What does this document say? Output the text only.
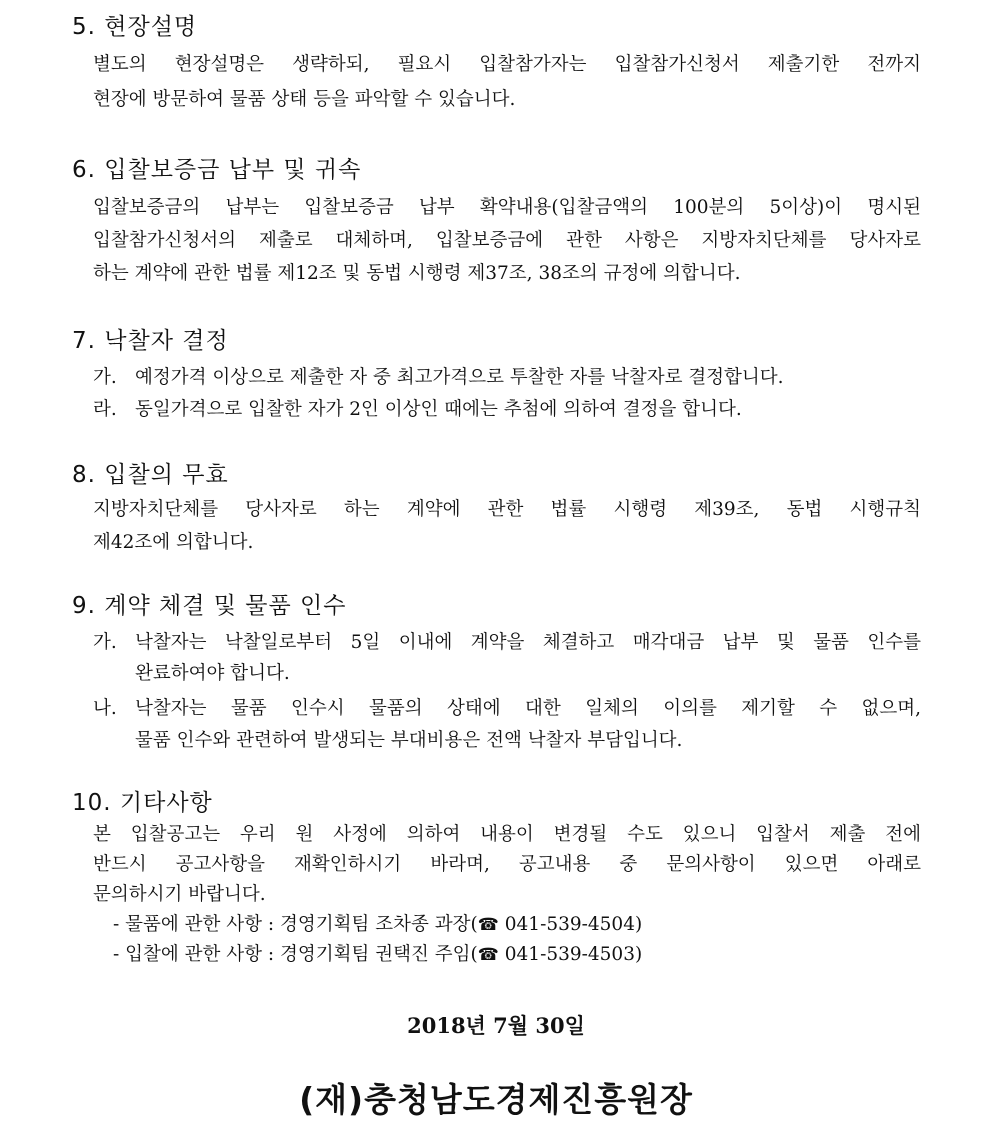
5. 현장설명
별도의 현장설명은 생략하되, 필요시 입찰참가자는 입찰참가신청서 제출기한 전까지
현장에 방문하여 물품 상태 등을 파악할 수 있습니다.
6. 입찰보증금 납부 및 귀속
입찰보증금의 납부는 입찰보증금 납부 확약내용(입찰금액의 100분의 5이상)이 명시된
입찰참가신청서의 제출로 대체하며, 입찰보증금에 관한 사항은 지방자치단체를 당사자로
하는 계약에 관한 법률 제12조 및 동법 시행령 제37조, 38조의 규정에 의합니다.
7. 낙찰자 결정
가. 예정가격 이상으로 제출한 자 중 최고가격으로 투찰한 자를 낙찰자로 결정합니다.
라. 동일가격으로 입찰한 자가 2인 이상인 때에는 추첨에 의하여 결정을 합니다.
8. 입찰의 무효
지방자치단체를 당사자로 하는 계약에 관한 법률 시행령 제39조, 동법 시행규칙
제42조에 의합니다.
9. 계약 체결 및 물품 인수
가. 낙찰자는 낙찰일로부터 5일 이내에 계약을 체결하고 매각대금 납부 및 물품 인수를
완료하여야 합니다.
나. 낙찰자는 물품 인수시 물품의 상태에 대한 일체의 이의를 제기할 수 없으며,
물품 인수와 관련하여 발생되는 부대비용은 전액 낙찰자 부담입니다.
10. 기타사항
본 입찰공고는 우리 원 사정에 의하여 내용이 변경될 수도 있으니 입찰서 제출 전에
반드시 공고사항을 재확인하시기 바라며, 공고내용 중 문의사항이 있으면 아래로
문의하시기 바랍니다.
- 물품에 관한 사항 : 경영기획팀 조차종 과장(☎ 041-539-4504)
- 입찰에 관한 사항 : 경영기획팀 권택진 주임(☎ 041-539-4503)
2018년 7월 30일
(재)충청남도경제진흥원장
